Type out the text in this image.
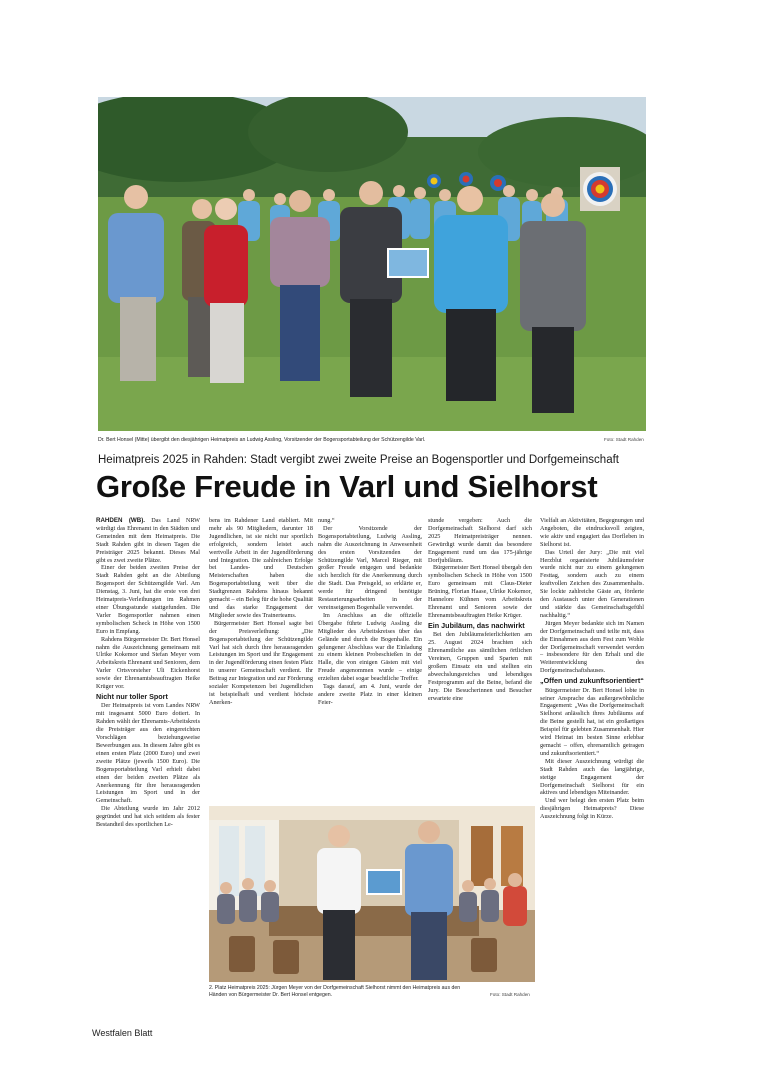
Dr. Bert Honsel (Mitte) übergibt den diesjährigen Heimatpreis an Ludwig Assling, Vorsitzender der Bogensportabteilung der Schützengilde Varl.	Foto: Stadt Rahden
Heimatpreis 2025 in Rahden: Stadt vergibt zwei zweite Preise an Bogensportler und Dorfgemeinschaft
Große Freude in Varl und Sielhorst

RAHDEN (WB). Das Land NRW würdigt das Ehrenamt in den Städten und Gemeinden mit dem Heimatpreis. Die Stadt Rahden gibt in diesen Tagen die Preisträger 2025 bekannt. Dieses Mal gibt es zwei zweite Plätze.

Einer der beiden zweiten Preise der Stadt Rahden geht an die Abteilung Bogensport der Schützengilde Varl. Am Dienstag, 3. Juni, hat die erste von drei Heimatpreis-Verleihungen im Rahmen einer Übungsstunde stattgefunden. Die Varler Bogensportler nahmen einen symbolischen Scheck in Höhe von 1500 Euro in Empfang.

Rahdens Bürgermeister Dr. Bert Honsel nahm die Auszeichnung gemeinsam mit Ulrike Kokemor und Stefan Meyer vom Arbeitskreis Ehrenamt und Senioren, dem Varler Ortsvorsteher Uli Eickenhorst sowie der Ehrenamtsbeauftragten Heike Krüger vor.

Nicht nur toller Sport

Der Heimatpreis ist vom Landes NRW mit insgesamt 5000 Euro dotiert. In Rahden wählt der Ehrenamts-Arbeitskreis die Preisträger aus den eingereichten Vorschlägen beziehungsweise Bewerbungen aus. In diesem Jahre gibt es einen ersten Platz (2000 Euro) und zwei zweite Plätze (jeweils 1500 Euro). Die Bogensportabteilung Varl erhielt dabei einen der beiden zweiten Plätze als Anerkennung für ihre herausragenden Leistungen im Sport und in der Gemeinschaft.

Die Abteilung wurde im Jahr 2012 gegründet und hat sich seitdem als fester Bestandteil des sportlichen Le-

bens im Rahdener Land etabliert. Mit mehr als 90 Mitgliedern, darunter 18 Jugendlichen, ist sie nicht nur sportlich erfolgreich, sondern leistet auch wertvolle Arbeit in der Jugendförderung und Integration. Die zahlreichen Erfolge bei Landes- und Deutschen Meisterschaften haben die Bogensportabteilung weit über die Stadtgrenzen Rahdens hinaus bekannt gemacht – ein Beleg für die hohe Qualität und das starke Engagement der Mitglieder sowie des Trainerteams.

Bürgermeister Bert Honsel sagte bei der Preisverleihung: „Die Bogensportabteilung der Schützengilde Varl hat sich durch ihre herausragenden Leistungen im Sport und ihr Engagement in der Jugendförderung einen festen Platz in unserer Gemeinschaft verdient. Ihr Beitrag zur Integration und zur Förderung sozialer Kompetenzen bei Jugendlichen ist beispielhaft und verdient höchste Anerken-

nung.“

Der Vorsitzende der Bogensportabteilung, Ludwig Assling, nahm die Auszeichnung in Anwesenheit des ersten Vorsitzenden der Schützengilde Varl, Marcel Rieger, mit großer Freude entgegen und bedankte sich herzlich für die Anerkennung durch die Stadt. Das Preisgeld, so erklärte er, werde für dringend benötigte Restaurierungsarbeiten in der vereinseigenen Bogenhalle verwendet.

Im Anschluss an die offizielle Übergabe führte Ludwig Assling die Mitglieder des Arbeitskreises über das Gelände und durch die Bogenhalle. Ein gelungener Abschluss war die Einladung zu einem kleinen Probeschießen in der Halle, die von einigen Gästen mit viel Freude angenommen wurde – einige erzielten dabei sogar beachtliche Treffer.

Tags darauf, am 4. Juni, wurde der andere zweite Platz in einer kleinen Feier-

stunde vergeben: Auch die Dorfgemeinschaft Sielhorst darf sich 2025 Heimatpreisträger nennen. Gewürdigt wurde damit das besondere Engagement rund um das 175-jährige Dorfjubiläum.

Bürgermeister Bert Honsel übergab den symbolischen Scheck in Höhe von 1500 Euro gemeinsam mit Claus-Dieter Brüning, Florian Haase, Ulrike Kokemor, Hannelore Kühnen vom Arbeitskreis Ehrenamt und Senioren sowie der Ehrenamtsbeauftragten Heike Krüger.

Ein Jubiläum, das nachwirkt

Bei den Jubiläumsfeierlichkeiten am 25. August 2024 brachten sich Ehrenamtliche aus sämtlichen örtlichen Vereinen, Gruppen und Sparten mit großem Einsatz ein und stellten ein abwechslungsreiches und lebendiges Festprogramm auf die Beine, befand die Jury. Die Besucherinnen und Besucher erwartete eine

Vielfalt an Aktivitäten, Begegnungen und Angeboten, die eindrucksvoll zeigten, wie aktiv und engagiert das Dorfleben in Sielhorst ist.

Das Urteil der Jury: „Die mit viel Herzblut organisierte Jubiläumsfeier wurde nicht nur zu einem gelungenen Festtag, sondern auch zu einem kraftvollen Zeichen des Zusammenhalts. Sie lockte zahlreiche Gäste an, förderte den Austausch unter den Generationen und stärkte das Gemeinschaftsgefühl nachhaltig.“

Jürgen Meyer bedankte sich im Namen der Dorfgemeinschaft und teilte mit, dass die Einnahmen aus dem Fest zum Wohle der Dorfgemeinschaft verwendet werden – insbesondere für den Erhalt und die Weiterentwicklung des Dorfgemeinschaftshauses.

„Offen und zukunftsorientiert“

Bürgermeister Dr. Bert Honsel lobte in seiner Ansprache das außergewöhnliche Engagement: „Was die Dorfgemeinschaft Sielhorst anlässlich ihres Jubiläums auf die Beine gestellt hat, ist ein großartiges Beispiel für gelebten Zusammenhalt. Hier wird Heimat im besten Sinne erlebbar gemacht – offen, ehrenamtlich getragen und zukunftsorientiert.“

Mit dieser Auszeichnung würdigt die Stadt Rahden auch das langjährige, stetige Engagement der Dorfgemeinschaft Sielhorst für ein aktives und lebendiges Miteinander.

Und wer belegt den ersten Platz beim diesjährigen Heimatpreis? Diese Auszeichnung folgt in Kürze.

2. Platz Heimatpreis 2025: Jürgen Meyer von der Dorfgemeinschaft Sielhorst nimmt den Heimatpreis aus den
Händen von Bürgermeister Dr. Bert Honsel entgegen.	Foto: Stadt Rahden
Westfalen Blatt
